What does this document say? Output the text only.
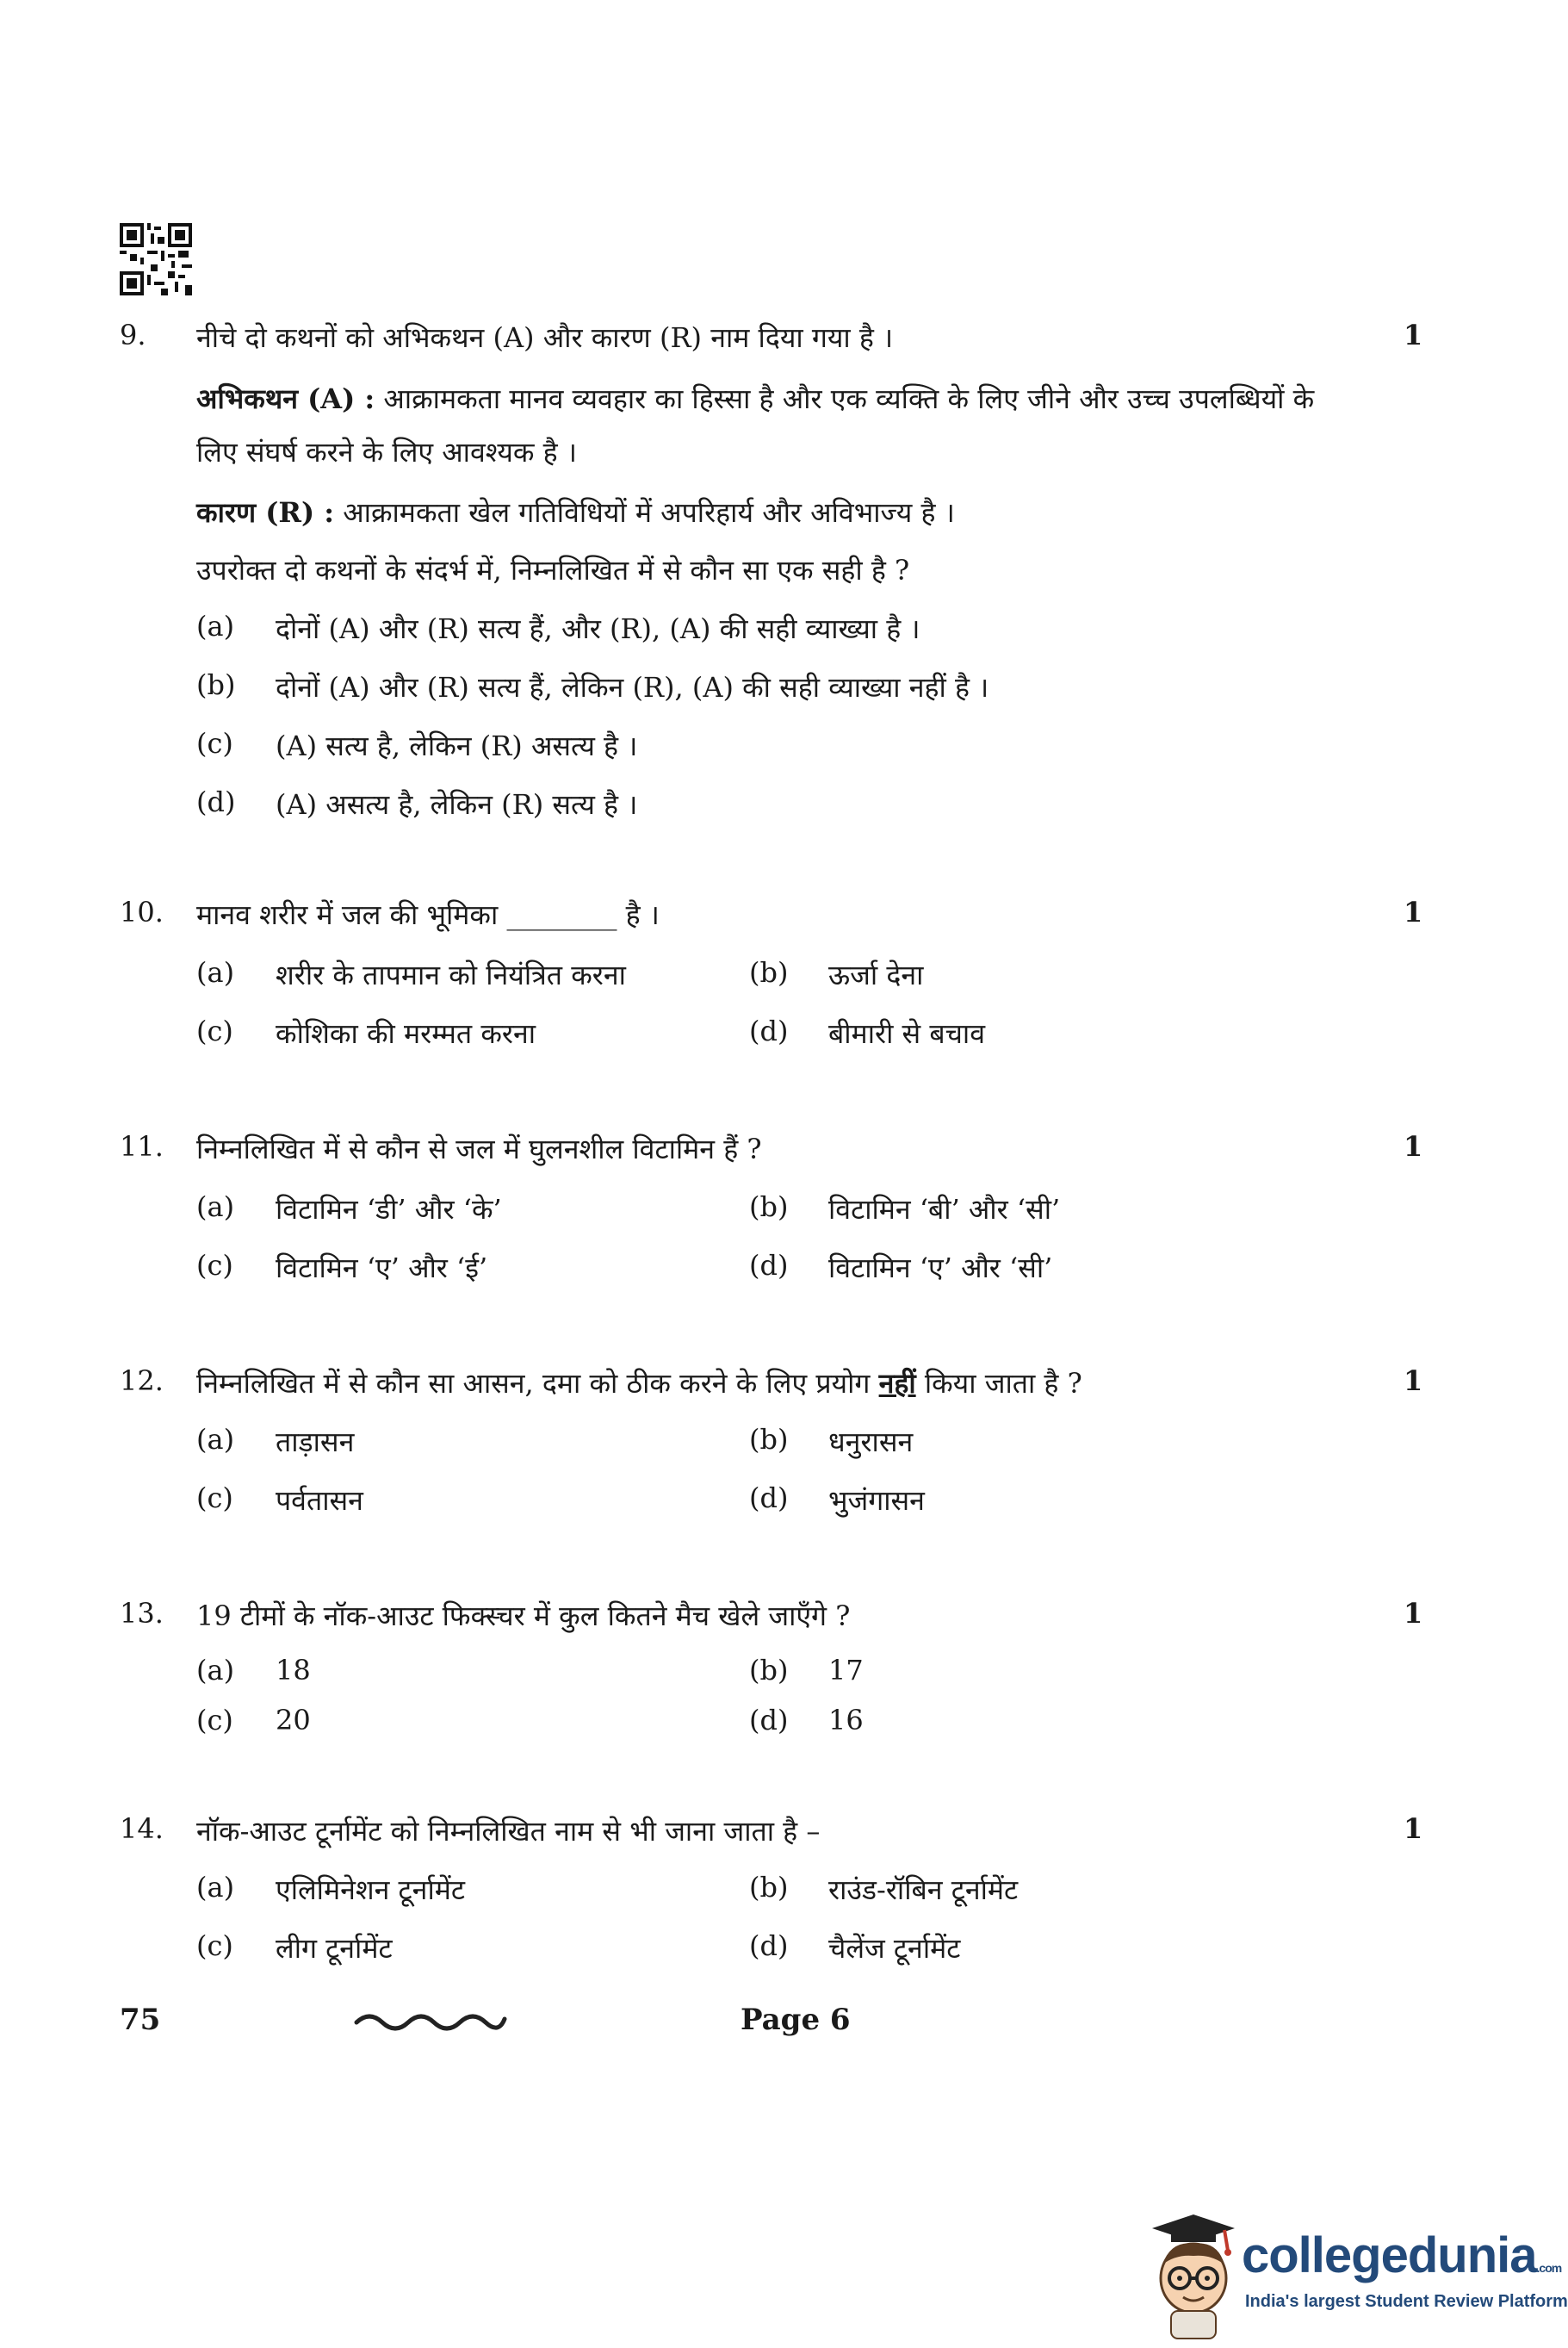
9. नीचे दो कथनों को अभिकथन (A) और कारण (R) नाम दिया गया है ।	1
अभिकथन (A) : आक्रामकता मानव व्यवहार का हिस्सा है और एक व्यक्ति के लिए जीने और उच्च उपलब्धियों के लिए संघर्ष करने के लिए आवश्यक है ।
कारण (R) : आक्रामकता खेल गतिविधियों में अपरिहार्य और अविभाज्य है ।
उपरोक्त दो कथनों के संदर्भ में, निम्नलिखित में से कौन सा एक सही है ?
(a) दोनों (A) और (R) सत्य हैं, और (R), (A) की सही व्याख्या है ।
(b) दोनों (A) और (R) सत्य हैं, लेकिन (R), (A) की सही व्याख्या नहीं है ।
(c) (A) सत्य है, लेकिन (R) असत्य है ।
(d) (A) असत्य है, लेकिन (R) सत्य है ।
10. मानव शरीर में जल की भूमिका ________ है ।	1
(a) शरीर के तापमान को नियंत्रित करना	(b) ऊर्जा देना
(c) कोशिका की मरम्मत करना	(d) बीमारी से बचाव
11. निम्नलिखित में से कौन से जल में घुलनशील विटामिन हैं ?	1
(a) विटामिन ‘डी’ और ‘के’	(b) विटामिन ‘बी’ और ‘सी’
(c) विटामिन ‘ए’ और ‘ई’	(d) विटामिन ‘ए’ और ‘सी’
12. निम्नलिखित में से कौन सा आसन, दमा को ठीक करने के लिए प्रयोग नहीं किया जाता है ?	1
(a) ताड़ासन	(b) धनुरासन
(c) पर्वतासन	(d) भुजंगासन
13. 19 टीमों के नॉक-आउट फिक्स्चर में कुल कितने मैच खेले जाएँगे ?	1
(a) 18	(b) 17
(c) 20	(d) 16
14. नॉक-आउट टूर्नामेंट को निम्नलिखित नाम से भी जाना जाता है –	1
(a) एलिमिनेशन टूर्नामेंट	(b) राउंड-रॉबिन टूर्नामेंट
(c) लीग टूर्नामेंट	(d) चैलेंज टूर्नामेंट
75	Page 6
collegedunia.com
India's largest Student Review Platform
